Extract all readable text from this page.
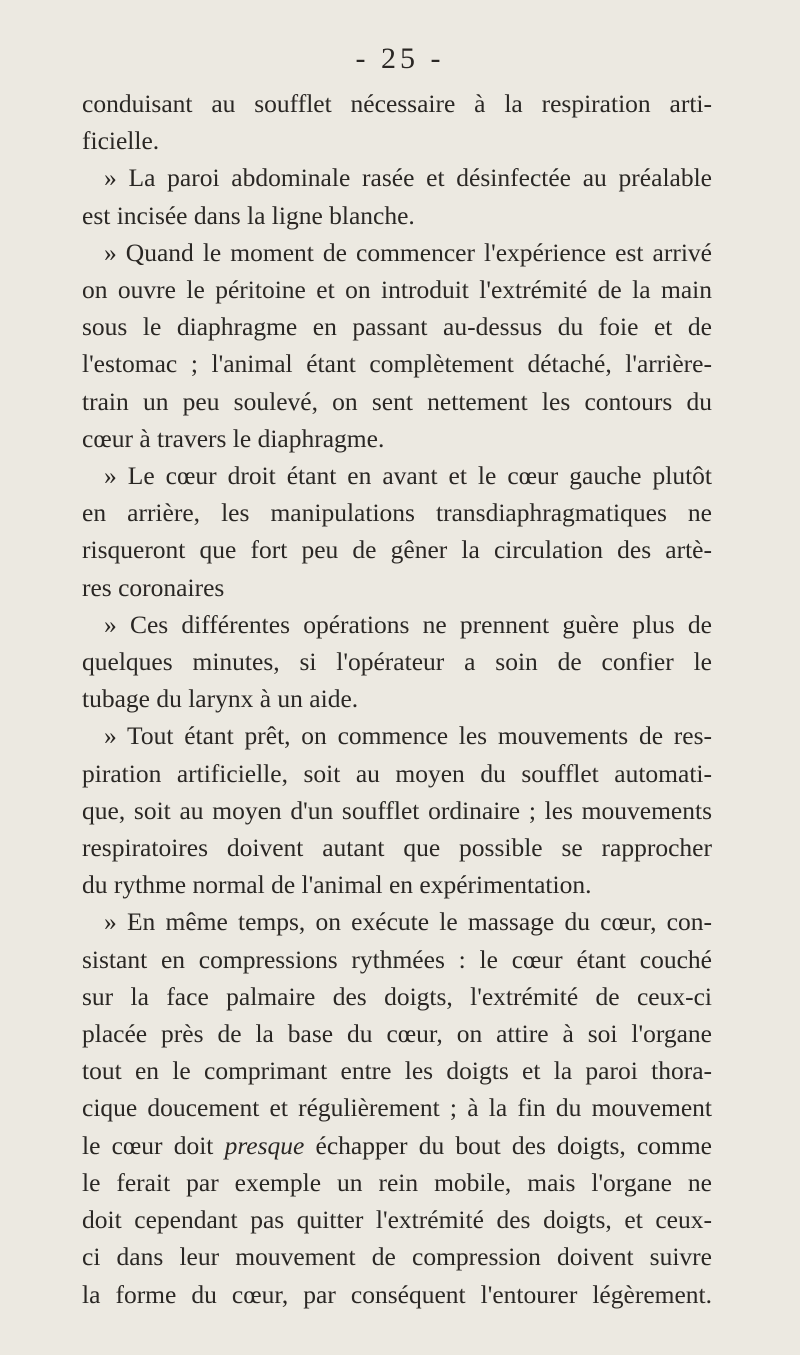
- 25 -

conduisant au soufflet nécessaire à la respiration arti-
ficielle.

» La paroi abdominale rasée et désinfectée au préalable
est incisée dans la ligne blanche.

» Quand le moment de commencer l'expérience est arrivé
on ouvre le péritoine et on introduit l'extrémité de la main
sous le diaphragme en passant au-dessus du foie et de
l'estomac ; l'animal étant complètement détaché, l'arrière-
train un peu soulevé, on sent nettement les contours du
cœur à travers le diaphragme.

» Le cœur droit étant en avant et le cœur gauche plutôt
en arrière, les manipulations transdiaphragmatiques ne
risqueront que fort peu de gêner la circulation des artè-
res coronaires

» Ces différentes opérations ne prennent guère plus de
quelques minutes, si l'opérateur a soin de confier le
tubage du larynx à un aide.

» Tout étant prêt, on commence les mouvements de res-
piration artificielle, soit au moyen du soufflet automati-
que, soit au moyen d'un soufflet ordinaire ; les mouvements
respiratoires doivent autant que possible se rapprocher
du rythme normal de l'animal en expérimentation.

» En même temps, on exécute le massage du cœur, con-
sistant en compressions rythmées : le cœur étant couché
sur la face palmaire des doigts, l'extrémité de ceux-ci
placée près de la base du cœur, on attire à soi l'organe
tout en le comprimant entre les doigts et la paroi thora-
cique doucement et régulièrement ; à la fin du mouvement
le cœur doit presque échapper du bout des doigts, comme
le ferait par exemple un rein mobile, mais l'organe ne
doit cependant pas quitter l'extrémité des doigts, et ceux-
ci dans leur mouvement de compression doivent suivre
la forme du cœur, par conséquent l'entourer légèrement.
